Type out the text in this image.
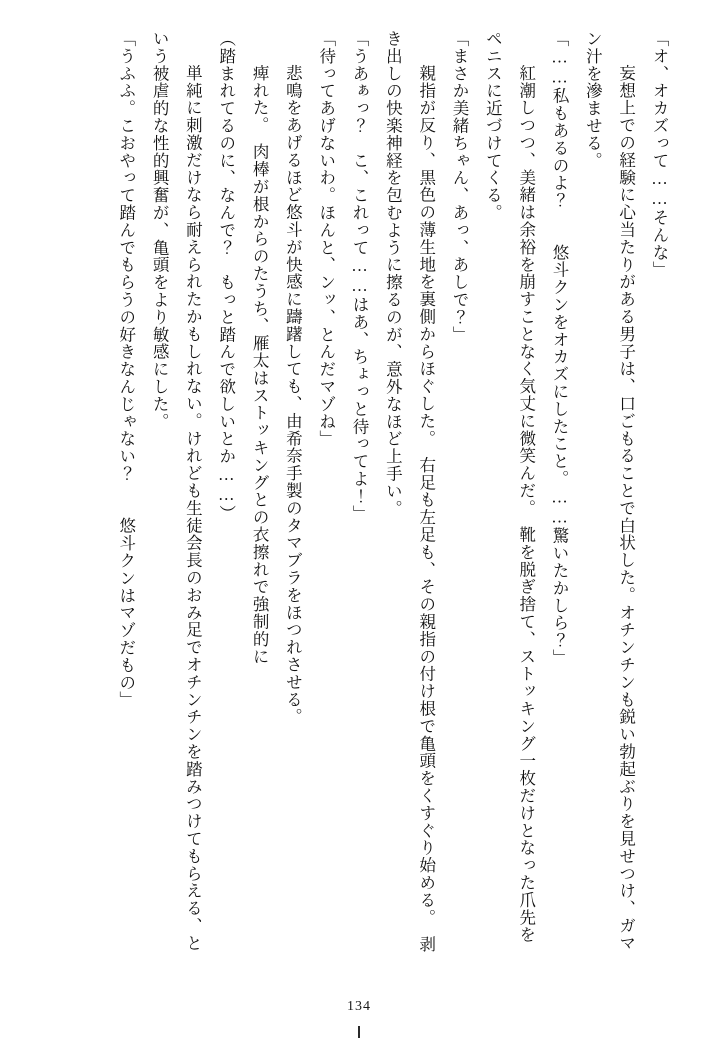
「オ、オカズって……そんな」

　妄想上での経験に心当たりがある男子は、口ごもることで白状した。オチンチンも鋭い勃起ぶりを見せつけ、ガマン汁を滲ませる。

「……私もあるのよ？　　悠斗クンをオカズにしたこと。……驚いたかしら？」

　紅潮しつつ、美緒は余裕を崩すことなく気丈に微笑んだ。　靴を脱ぎ捨て、ストッキング一枚だけとなった爪先をペニスに近づけてくる。

「まさか美緒ちゃん、あっ、あしで？」

　親指が反り、黒色の薄生地を裏側からほぐした。　右足も左足も、その親指の付け根で亀頭をくすぐり始める。　剥き出しの快楽神経を包むように擦るのが、意外なほど上手い。

「うあぁっ？　こ、これって……はあ、ちょっと待ってよ！」

「待ってあげないわ。ほんと、ンッ、とんだマゾね」

　悲鳴をあげるほど悠斗が快感に躊躇しても、由希奈手製のタマブラをほつれさせる。

　痺れた。　肉棒が根からのたうち、雁太はストッキングとの衣擦れで強制的に

（踏まれてるのに、なんで？　もっと踏んで欲しいとか……）

　単純に刺激だけなら耐えられたかもしれない。けれども生徒会長のおみ足でオチンチンを踏みつけてもらえる、という被虐的な性的興奮が、亀頭をより敏感にした。

「うふふ。こおやって踏んでもらうの好きなんじゃない？　　悠斗クンはマゾだもの」

134
